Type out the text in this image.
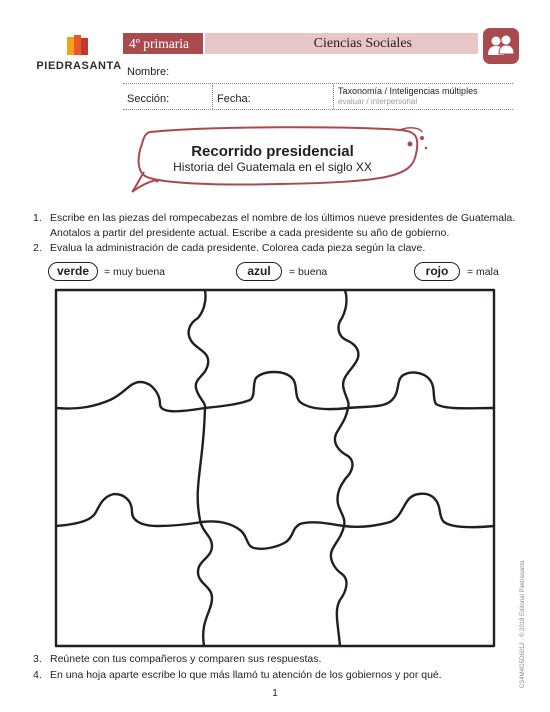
PIEDRASANTA
4º primaria	Ciencias Sociales
Nombre:
Sección:	Fecha:
Taxonomía / Inteligencias múltiples
evaluar / interpersonal
Recorrido presidencial
Historia del Guatemala en el siglo XX
1. Escribe en las piezas del rompecabezas el nombre de los últimos nueve presidentes de Guatemala.
Anotalos a partir del presidente actual. Escribe a cada presidente su año de gobierno.
2. Evalua la administración de cada presidente. Colorea cada pieza según la clave.
verde	= muy buena	azul	= buena	rojo	= mala
3. Reúnete con tus compañeros y comparen sus respuestas.
4. En una hoja aparte escribe lo que más llamó tu atención de los gobiernos y por qué.
1
CS4M4G5D6012 · © 2018 Editorial Piedrasanta
